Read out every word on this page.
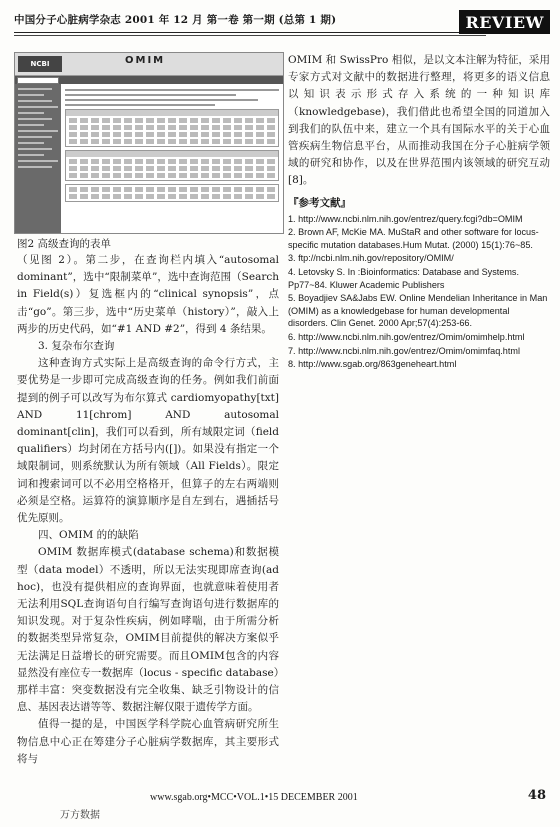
中国分子心脏病学杂志 2001 年 12 月 第一卷 第一期 (总第 1 期)	REVIEW
NCBI	OMIM

图2 高级查询的表单

（见图 2）。第二步，在查询栏内填入“autosomal dominant”，选中“限制菜单”，选中查询范围（Search in Field(s)）复选框内的“clinical synopsis”，点击“go”。第三步，选中“历史菜单（history）”，敲入上两步的历史代码，如“#1 AND #2”，得到 4 条结果。

3. 复杂布尔查询

这种查询方式实际上是高级查询的命令行方式，主要优势是一步即可完成高级查询的任务。例如我们前面提到的例子可以改写为布尔算式 cardiomyopathy[txt] AND 11[chrom] AND autosomal dominant[clin]，我们可以看到，所有域限定词（field qualifiers）均封闭在方括号内([])。如果没有指定一个域限制词，则系统默认为所有领域（All Fields）。限定词和搜索词可以不必用空格格开，但算子的左右两端则必须是空格。运算符的演算顺序是自左到右，遇插括号优先原则。

四、OMIM 的的缺陷

OMIM 数据库模式(database schema)和数据模型（data model）不透明，所以无法实现即席查询(ad hoc)，也没有提供相应的查询界面，也就意味着使用者无法利用SQL查询语句自行编写查询语句进行数据库的知识发现。对于复杂性疾病，例如哮喘，由于所需分析的数据类型异常复杂，OMIM目前提供的解决方案似乎无法满足日益增长的研究需要。而且OMIM包含的内容显然没有座位专一数据库（locus - specific database）那样丰富：突变数据没有完全收集、缺乏引物设计的信息、基因表达谱等等、数据注解仅限于遗传学方面。

值得一提的是，中国医学科学院心血管病研究所生物信息中心正在筹建分子心脏病学数据库，其主要形式将与

OMIM 和 SwissPro 相似，是以文本注解为特征，采用专家方式对文献中的数据进行整理，将更多的语义信息以知识表示形式存入系统的一种知识库（knowledgebase)，我们借此也希望全国的同道加入到我们的队伍中来，建立一个具有国际水平的关于心血管疾病生物信息平台，从而推动我国在分子心脏病学领域的研究和协作，以及在世界范围内该领域的研究互动[8]。

『参考文献』
1. http://www.ncbi.nlm.nih.gov/entrez/query.fcgi?db=OMIM
2. Brown AF, McKie MA. MuStaR and other software for locus-specific mutation databases.Hum Mutat. (2000) 15(1):76~85.
3. ftp://ncbi.nlm.nih.gov/repository/OMIM/
4. Letovsky S. In :Bioinformatics: Database and Systems. Pp77~84. Kluwer Academic Publishers
5. Boyadjiev SA&Jabs EW. Online Mendelian Inheritance in Man (OMIM) as a knowledgebase for human developmental disorders. Clin Genet. 2000 Apr;57(4):253-66.
6. http://www.ncbi.nlm.nih.gov/entrez/Omim/omimhelp.html
7. http://www.ncbi.nlm.nih.gov/entrez/Omim/omimfaq.html
8. http://www.sgab.org/863geneheart.html
www.sgab.org•MCC•VOL.1•15 DECEMBER 2001	48
万方数据
